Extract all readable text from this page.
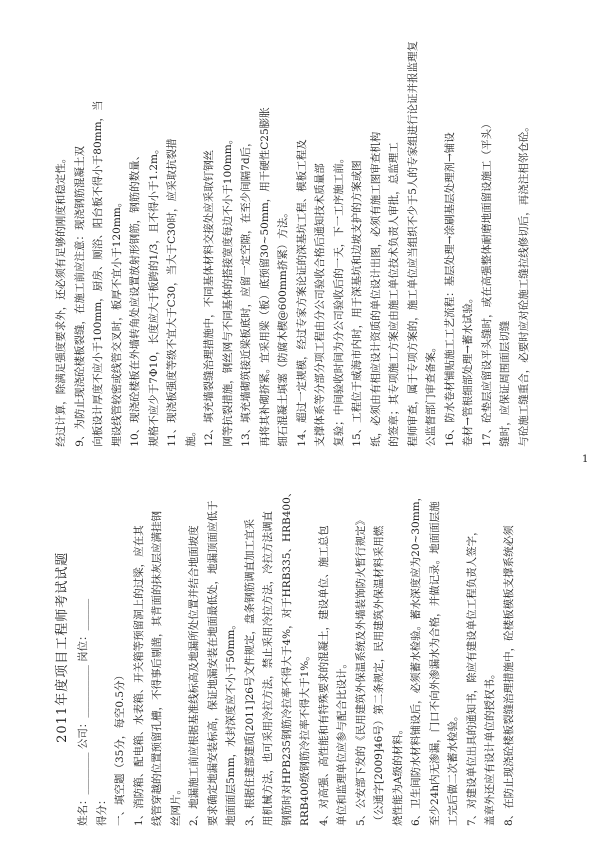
2011年度项目工程师考试试题 姓名：________ 公司：__________ 岗位：______ 得分： 一、填空题（35分，每空0.5分） 1、消防箱、配电箱、水表箱、开关箱等预留洞上的过梁，应在其 线管穿越的位置预留孔槽，不得事后剔凿，其背面的抹灰层应满挂钢 丝网片。 2、地漏施工前应根据基准线标高及地漏所处位置并结合地面坡度 要求确定地漏安装标高，保证地漏安装在地面最低处，地漏顶面应低于 地面面层5mm，水封深度应不小于50mm。 3、根据住建部建质[2011]26号文件规定，盘条钢筋调直加工宜采 用机械方法，也可采用冷拉方法，禁止采用冷拉方法，冷拉方法调直 钢筋时对HPB235钢筋冷拉率不得大于4%，对于HRB335、HRB400、 RRB400级钢筋冷拉率不得大于1%。 4、对高强、高性能和有特殊要求的混凝土，建设单位、施工总包 单位和监理单位应参与配合比设计。 5、公安部下发的《民用建筑外保温系统及外墙装饰防火暂行规定》 （公通字[2009]46号）第二条规定，民用建筑外保温材料采用燃 烧性能为A级的材料。 6、卫生间防水材料铺设后，必须蓄水检验。蓄水深度应为20~30mm， 至少24h内无渗漏，门口不向外渗漏水为合格，并做记录。地面面层施 工完后做二次蓄水检验。 7、对建设单位出具的通知书，除应有建设单位工程负责人签字， 盖章外还应有设计单位的授权书。 8、在防止现浇砼楼板裂缝治理措施中，砼楼板模板支撑系统必须
经过计算，除满足强度要求外，还必须有足够的刚度和稳定性。 9、为防止现浇砼楼板裂缝，在施工前应注意：现浇钢筋混凝土双 向板设计厚度不应小于100mm，厨房、厕浴、阳台板不得小于80mm，当 埋设线管较密或线管交叉时，板厚不宜小于120mm。 10、现浇砼楼板在外墙转角处应设置放射形钢筋，钢筋的数量、 规格不应少于7Φ10，长度应大于板跨的1/3，且不得小于1.2m。 11、现浇板强度等级不宜大于C30，当大于C30时，应采取抗裂措 施。 12、填充墙裂缝治理措施中，不同基体材料交接处应采取钉钢丝 网等抗裂措施，钢丝网与不同基体的搭接宽度每边不小于100mm。 13、填充墙砌筑接近梁板底时，应留一定空隙，在至少间隔7d后， 再将其补砌挤紧。宜采用梁（板）底预留30~50mm，用干硬性C25膨胀 细石混凝土填塞（防腐木楔@600mm挤紧）方法。 14、超过一定规模，经过专家方案论证的深基坑工程、模板工程及 支撑体系等分部分项工程由分公司验收合格后通知技术质量部 复验；中间验收时间为分公司验收后的一天，下一工序施工前。 15、工程位于威海市内时，用于深基坑和边坡支护的方案或图 纸，必须由有相应设计资质的单位设计出图，必须有施工图审查机构 的签章；其专项施工方案应由施工单位技术负责人审批，总监理工 程师审查，属于专项方案的，施工单位应当组织不少于5人的专家组进行论证并报监理复 公监督部门审查备案。 16、防水卷材铺贴施工工艺流程：基层处理→涂刷基层处理剂→铺设 卷材→管根细部处理→蓄水试验。 17、砼垫层应留设平头缝时，或在高强整体耐磨地面留设施工（平头） 缝时，应保证周围面层切缝 与砼施工缝重合，必要时应对砼施工缝拉线修切后，再浇注相邻仓砼。
1
